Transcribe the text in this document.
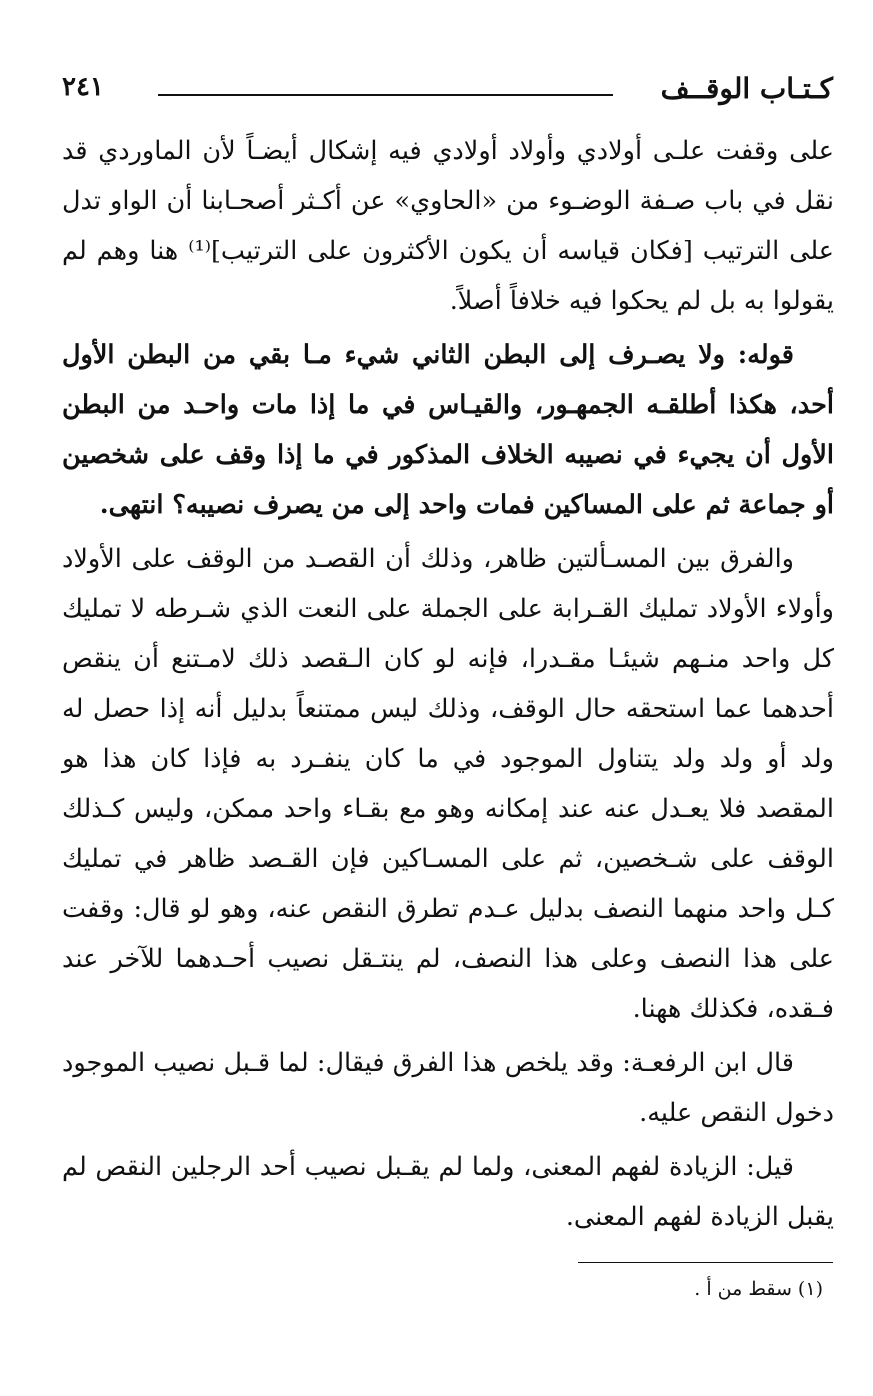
كـتـاب الوقــف
٢٤١

على وقفت علـى أولادي وأولاد أولادي فيه إشكال أيضـاً لأن الماوردي قد نقل في باب صـفة الوضـوء من «الحاوي» عن أكـثر أصحـابنا أن الواو تدل على الترتيب [فكان قياسه أن يكون الأكثرون على الترتيب]⁽¹⁾ هنا وهم لم يقولوا به بل لم يحكوا فيه خلافاً أصلاً.

قوله: ولا يصـرف إلى البطن الثاني شيء مـا بقي من البطن الأول أحد، هكذا أطلقـه الجمهـور، والقيـاس في ما إذا مات واحـد من البطن الأول أن يجيء في نصيبه الخلاف المذكور في ما إذا وقف على شخصين أو جماعة ثم على المساكين فمات واحد إلى من يصرف نصيبه؟ انتهى.

والفرق بين المسـألتين ظاهر، وذلك أن القصـد من الوقف على الأولاد وأولاء الأولاد تمليك القـرابة على الجملة على النعت الذي شـرطه لا تمليك كل واحد منـهم شيئـا مقـدرا، فإنه لو كان الـقصد ذلك لامـتنع أن ينقص أحدهما عما استحقه حال الوقف، وذلك ليس ممتنعاً بدليل أنه إذا حصل له ولد أو ولد ولد يتناول الموجود في ما كان ينفـرد به فإذا كان هذا هو المقصد فلا يعـدل عنه عند إمكانه وهو مع بقـاء واحد ممكن، وليس كـذلك الوقف على شـخصين، ثم على المسـاكين فإن القـصد ظاهر في تمليك كـل واحد منهما النصف بدليل عـدم تطرق النقص عنه، وهو لو قال: وقفت على هذا النصف وعلى هذا النصف، لم ينتـقل نصيب أحـدهما للآخر عند فـقده، فكذلك ههنا.

قال ابن الرفعـة: وقد يلخص هذا الفرق فيقال: لما قـبل نصيب الموجود دخول النقص عليه.

قيل: الزيادة لفهم المعنى، ولما لم يقـبل نصيب أحد الرجلين النقص لم يقبل الزيادة لفهم المعنى.

(١) سقط من أ .
